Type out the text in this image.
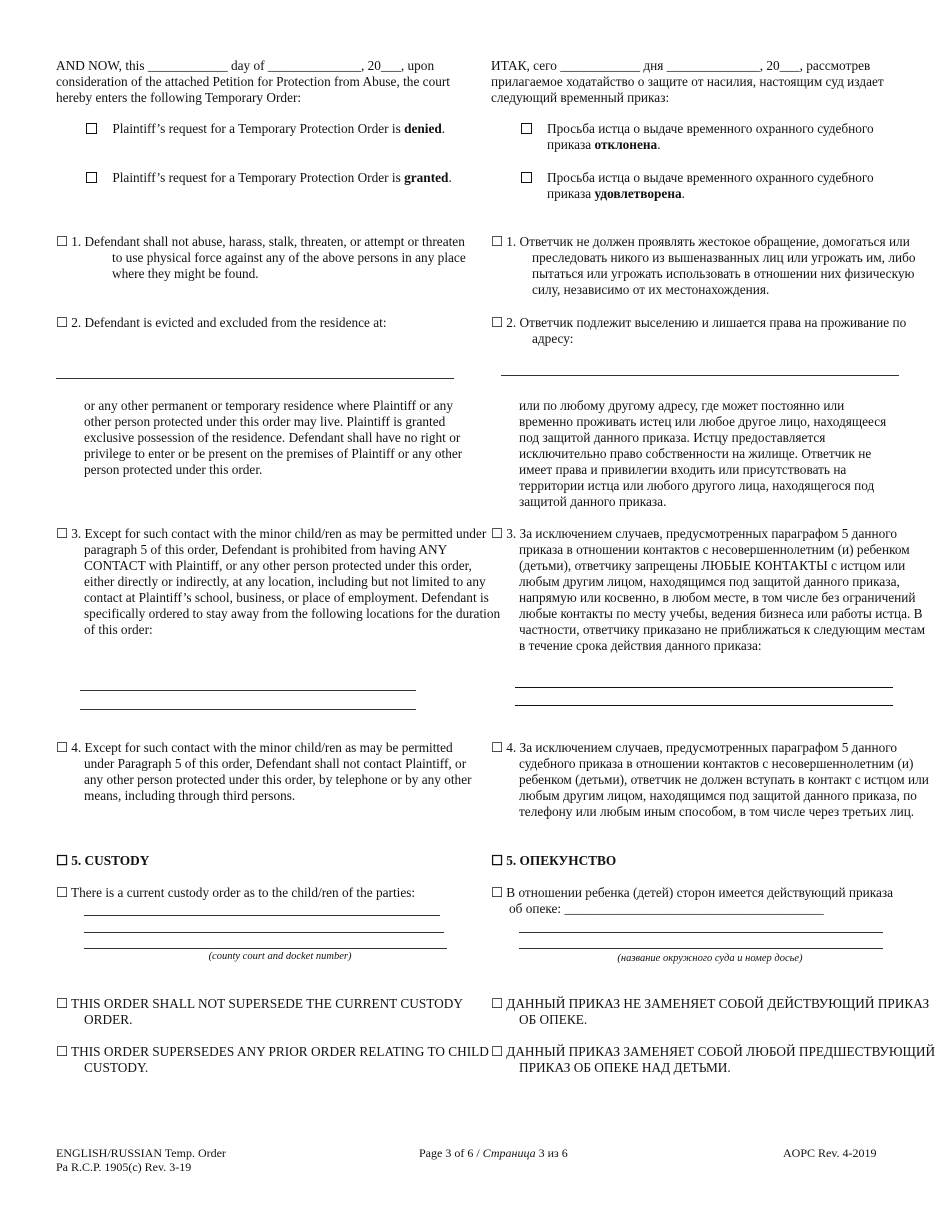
AND NOW, this ____________ day of ______________, 20___, upon consideration of the attached Petition for Protection from Abuse, the court hereby enters the following Temporary Order:
ИТАК, сего ____________ дня ______________, 20___, рассмотрев прилагаемое ходатайство о защите от насилия, настоящим суд издает следующий временный приказ:
Plaintiff’s request for a Temporary Protection Order is denied.
Plaintiff’s request for a Temporary Protection Order is granted.
Просьба истца о выдаче временного охранного судебного приказа отклонена.
Просьба истца о выдаче временного охранного судебного приказа удовлетворена.
☐ 1. Defendant shall not abuse, harass, stalk, threaten, or attempt or threaten to use physical force against any of the above persons in any place where they might be found.
☐ 1. Ответчик не должен проявлять жестокое обращение, домогаться или преследовать никого из вышеназванных лиц или угрожать им, либо пытаться или угрожать использовать в отношении них физическую силу, независимо от их местонахождения.
☐ 2. Defendant is evicted and excluded from the residence at:	☐ 2. Ответчик подлежит выселению и лишается права на проживание по адресу:
or any other permanent or temporary residence where Plaintiff or any other person protected under this order may live. Plaintiff is granted exclusive possession of the residence. Defendant shall have no right or privilege to enter or be present on the premises of Plaintiff or any other person protected under this order.
или по любому другому адресу, где может постоянно или временно проживать истец или любое другое лицо, находящееся под защитой данного приказа. Истцу предоставляется исключительно право собственности на жилище. Ответчик не имеет права и привилегии входить или присутствовать на территории истца или любого другого лица, находящегося под защитой данного приказа.
☐ 3. Except for such contact with the minor child/ren as may be permitted under paragraph 5 of this order, Defendant is prohibited from having ANY CONTACT with Plaintiff, or any other person protected under this order, either directly or indirectly, at any location, including but not limited to any contact at Plaintiff’s school, business, or place of employment. Defendant is specifically ordered to stay away from the following locations for the duration of this order:
☐ 3. За исключением случаев, предусмотренных параграфом 5 данного приказа в отношении контактов с несовершеннолетним (и) ребенком (детьми), ответчику запрещены ЛЮБЫЕ КОНТАКТЫ с истцом или любым другим лицом, находящимся под защитой данного приказа, напрямую или косвенно, в любом месте, в том числе без ограничений любые контакты по месту учебы, ведения бизнеса или работы истца. В частности, ответчику приказано не приближаться к следующим местам в течение срока действия данного приказа:
☐ 4. Except for such contact with the minor child/ren as may be permitted under Paragraph 5 of this order, Defendant shall not contact Plaintiff, or any other person protected under this order, by telephone or by any other means, including through third persons.
☐ 4. За исключением случаев, предусмотренных параграфом 5 данного судебного приказа в отношении контактов с несовершеннолетним (и) ребенком (детьми), ответчик не должен вступать в контакт с истцом или любым другим лицом, находящимся под защитой данного приказа, по телефону или любым иным способом, в том числе через третьих лиц.
☐ 5. CUSTODY	☐ 5. ОПЕКУНСТВО
☐ There is a current custody order as to the child/ren of the parties:
(county court and docket number)
☐ В отношении ребенка (детей) сторон имеется действующий приказа об опеке: _______________________________________
(название окружного суда и номер досье)
☐ THIS ORDER SHALL NOT SUPERSEDE THE CURRENT CUSTODY ORDER.
☐ ДАННЫЙ ПРИКАЗ НЕ ЗАМЕНЯЕТ СОБОЙ ДЕЙСТВУЮЩИЙ ПРИКАЗ ОБ ОПЕКЕ.
☐ THIS ORDER SUPERSEDES ANY PRIOR ORDER RELATING TO CHILD CUSTODY.
☐ ДАННЫЙ ПРИКАЗ ЗАМЕНЯЕТ СОБОЙ ЛЮБОЙ ПРЕДШЕСТВУЮЩИЙ ПРИКАЗ ОБ ОПЕКЕ НАД ДЕТЬМИ.
ENGLISH/RUSSIAN Temp. Order
Pa R.C.P. 1905(c) Rev. 3-19
Page 3 of 6 / Страница 3 из 6	AOPC Rev. 4-2019
